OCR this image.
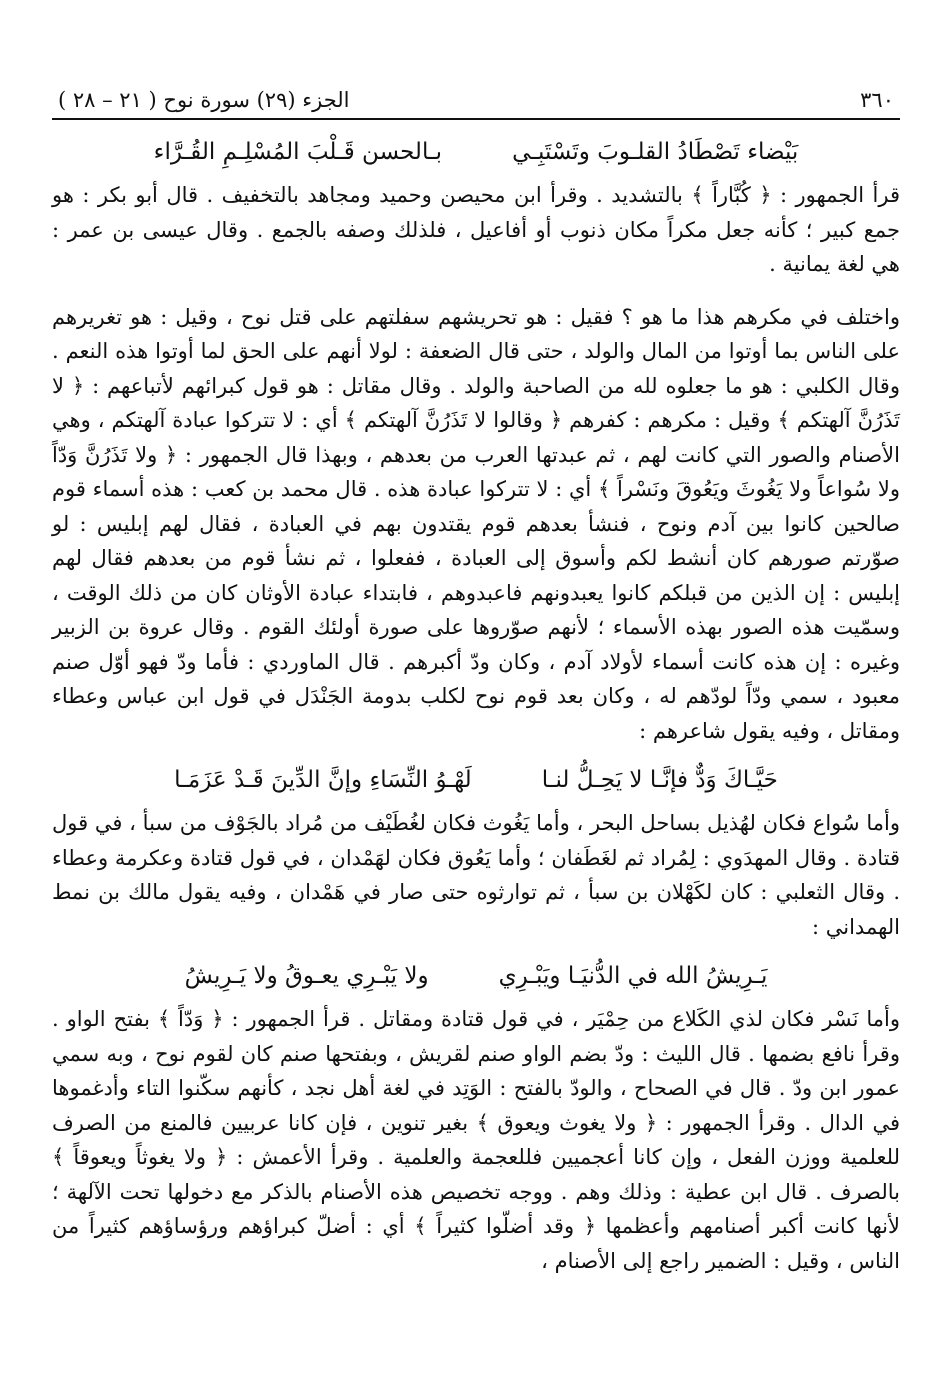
٣٦٠
الجزء (٢٩) سورة نوح ( ٢١ – ٢٨ )
بَيْضاء تَصْطَادُ القلـوبَ وتَسْتَبِـي
بـالحسن قَـلْبَ المُسْلِـمِ القُـرَّاء

قرأ الجمهور : ﴿ كُبَّاراً ﴾ بالتشديد . وقرأ ابن محيصن وحميد ومجاهد بالتخفيف . قال أبو بكر : هو جمع كبير ؛ كأنه جعل مكراً مكان ذنوب أو أفاعيل ، فلذلك وصفه بالجمع . وقال عيسى بن عمر : هي لغة يمانية .

واختلف في مكرهم هذا ما هو ؟ فقيل : هو تحريشهم سفلتهم على قتل نوح ، وقيل : هو تغريرهم على الناس بما أوتوا من المال والولد ، حتى قال الضعفة : لولا أنهم على الحق لما أوتوا هذه النعم . وقال الكلبي : هو ما جعلوه لله من الصاحبة والولد . وقال مقاتل : هو قول كبرائهم لأتباعهم : ﴿ لا تَذَرُنَّ آلهتكم ﴾ وقيل : مكرهم : كفرهم ﴿ وقالوا لا تَذَرُنَّ آلهتكم ﴾ أي : لا تتركوا عبادة آلهتكم ، وهي الأصنام والصور التي كانت لهم ، ثم عبدتها العرب من بعدهم ، وبهذا قال الجمهور : ﴿ ولا تَذَرُنَّ وَدّاً ولا سُواعاً ولا يَغُوثَ ويَعُوقَ ونَسْراً ﴾ أي : لا تتركوا عبادة هذه . قال محمد بن كعب : هذه أسماء قوم صالحين كانوا بين آدم ونوح ، فنشأ بعدهم قوم يقتدون بهم في العبادة ، فقال لهم إبليس : لو صوّرتم صورهم كان أنشط لكم وأسوق إلى العبادة ، ففعلوا ، ثم نشأ قوم من بعدهم فقال لهم إبليس : إن الذين من قبلكم كانوا يعبدونهم فاعبدوهم ، فابتداء عبادة الأوثان كان من ذلك الوقت ، وسمّيت هذه الصور بهذه الأسماء ؛ لأنهم صوّروها على صورة أولئك القوم . وقال عروة بن الزبير وغيره : إن هذه كانت أسماء لأولاد آدم ، وكان ودّ أكبرهم . قال الماوردي : فأما ودّ فهو أوّل صنم معبود ، سمي ودّاً لودّهم له ، وكان بعد قوم نوح لكلب بدومة الجَنْدَل في قول ابن عباس وعطاء ومقاتل ، وفيه يقول شاعرهم :

حَيَّـاكَ وَدٌّ فإنَّـا لا يَحِـلُّ لنـا
لَهْـوُ النِّسَاءِ وإنَّ الدِّينَ قَـدْ عَزَمَـا

وأما سُواع فكان لهُذيل بساحل البحر ، وأما يَغُوث فكان لغُطَيْف من مُراد بالجَوْف من سبأ ، في قول قتادة . وقال المهدَوي : لِمُراد ثم لغَطَفان ؛ وأما يَعُوق فكان لهَمْدان ، في قول قتادة وعكرمة وعطاء . وقال الثعلبي : كان لكَهْلان بن سبأ ، ثم توارثوه حتى صار في هَمْدان ، وفيه يقول مالك بن نمط الهمداني :

يَـرِيشُ الله في الدُّنيَـا ويَبْـرِي
ولا يَبْـرِي يعـوقُ ولا يَـرِيشُ

وأما نَسْر فكان لذي الكَلاع من حِمْيَر ، في قول قتادة ومقاتل . قرأ الجمهور : ﴿ وَدّاً ﴾ بفتح الواو . وقرأ نافع بضمها . قال الليث : ودّ بضم الواو صنم لقريش ، وبفتحها صنم كان لقوم نوح ، وبه سمي عمور ابن ودّ . قال في الصحاح ، والودّ بالفتح : الوَتِد في لغة أهل نجد ، كأنهم سكّنوا التاء وأدغموها في الدال . وقرأ الجمهور : ﴿ ولا يغوث ويعوق ﴾ بغير تنوين ، فإن كانا عربيين فالمنع من الصرف للعلمية ووزن الفعل ، وإن كانا أعجميين فللعجمة والعلمية . وقرأ الأعمش : ﴿ ولا يغوثاً ويعوقاً ﴾ بالصرف . قال ابن عطية : وذلك وهم . ووجه تخصيص هذه الأصنام بالذكر مع دخولها تحت الآلهة ؛ لأنها كانت أكبر أصنامهم وأعظمها ﴿ وقد أضلّوا كثيراً ﴾ أي : أضلّ كبراؤهم ورؤساؤهم كثيراً من الناس ، وقيل : الضمير راجع إلى الأصنام ،
